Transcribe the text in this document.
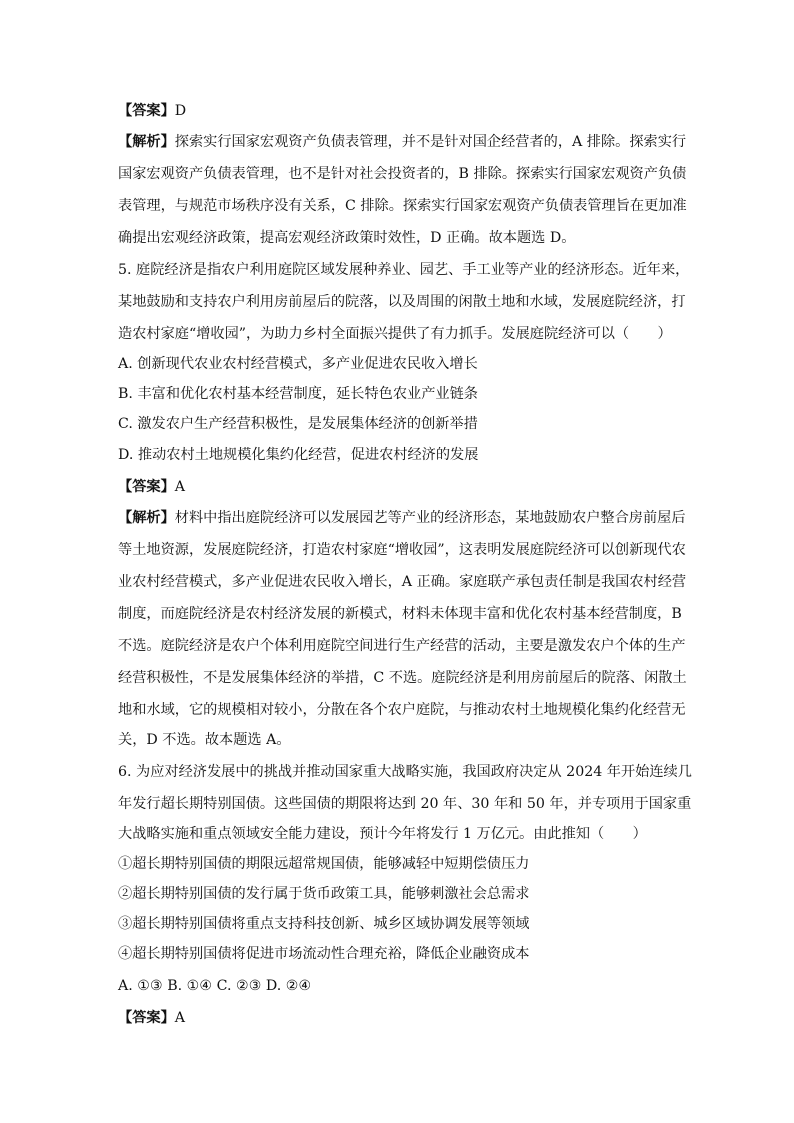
【答案】D
【解析】探索实行国家宏观资产负债表管理，并不是针对国企经营者的，A 排除。探索实行
国家宏观资产负债表管理，也不是针对社会投资者的，B 排除。探索实行国家宏观资产负债
表管理，与规范市场秩序没有关系，C 排除。探索实行国家宏观资产负债表管理旨在更加准
确提出宏观经济政策，提高宏观经济政策时效性，D 正确。故本题选 D。
5. 庭院经济是指农户利用庭院区域发展种养业、园艺、手工业等产业的经济形态。近年来，
某地鼓励和支持农户利用房前屋后的院落，以及周围的闲散土地和水域，发展庭院经济，打
造农村家庭“增收园”，为助力乡村全面振兴提供了有力抓手。发展庭院经济可以（　　）
A. 创新现代农业农村经营模式，多产业促进农民收入增长
B. 丰富和优化农村基本经营制度，延长特色农业产业链条
C. 激发农户生产经营积极性，是发展集体经济的创新举措
D. 推动农村土地规模化集约化经营，促进农村经济的发展
【答案】A
【解析】材料中指出庭院经济可以发展园艺等产业的经济形态，某地鼓励农户整合房前屋后
等土地资源，发展庭院经济，打造农村家庭“增收园”，这表明发展庭院经济可以创新现代农
业农村经营模式，多产业促进农民收入增长，A 正确。家庭联产承包责任制是我国农村经营
制度，而庭院经济是农村经济发展的新模式，材料未体现丰富和优化农村基本经营制度，B
不选。庭院经济是农户个体利用庭院空间进行生产经营的活动，主要是激发农户个体的生产
经营积极性，不是发展集体经济的举措，C 不选。庭院经济是利用房前屋后的院落、闲散土
地和水域，它的规模相对较小，分散在各个农户庭院，与推动农村土地规模化集约化经营无
关，D 不选。故本题选 A。
6. 为应对经济发展中的挑战并推动国家重大战略实施，我国政府决定从 2024 年开始连续几
年发行超长期特别国债。这些国债的期限将达到 20 年、30 年和 50 年，并专项用于国家重
大战略实施和重点领域安全能力建设，预计今年将发行 1 万亿元。由此推知（　　）
①超长期特别国债的期限远超常规国债，能够减轻中短期偿债压力
②超长期特别国债的发行属于货币政策工具，能够刺激社会总需求
③超长期特别国债将重点支持科技创新、城乡区域协调发展等领域
④超长期特别国债将促进市场流动性合理充裕，降低企业融资成本
A. ①③ B. ①④ C. ②③ D. ②④
【答案】A
